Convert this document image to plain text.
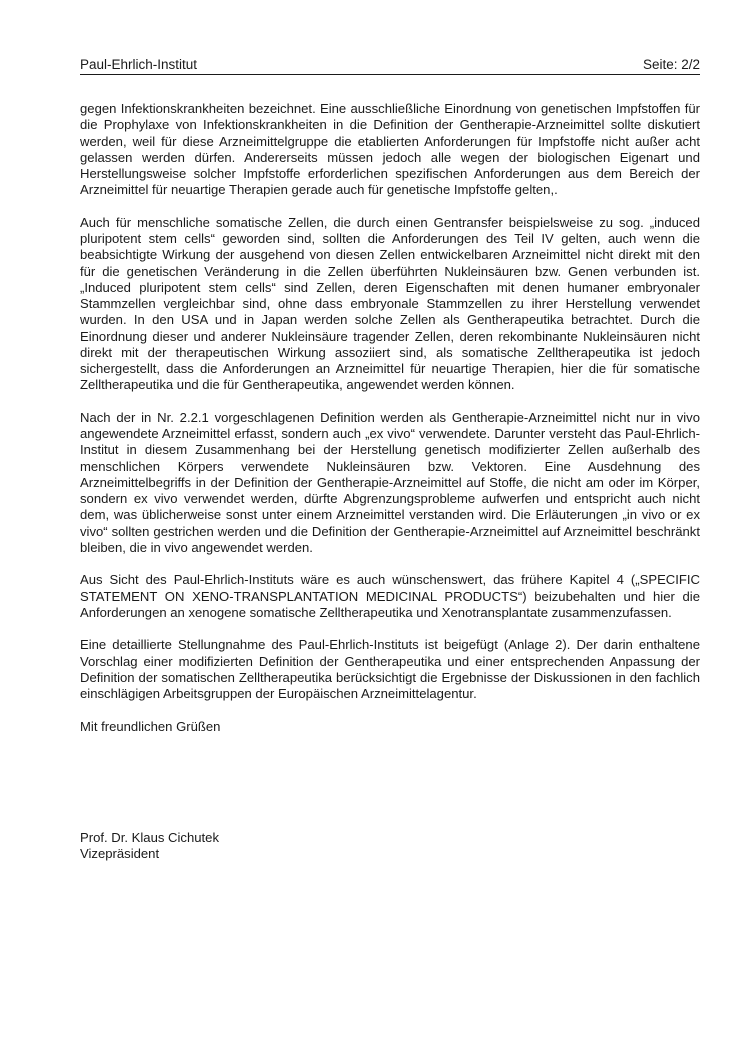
Paul-Ehrlich-Institut	Seite: 2/2

gegen Infektionskrankheiten bezeichnet. Eine ausschließliche Einordnung von genetischen Impfstoffen für die Prophylaxe von Infektionskrankheiten in die Definition der Gentherapie-Arzneimittel sollte diskutiert werden, weil für diese Arzneimittelgruppe die etablierten Anforderungen für Impfstoffe nicht außer acht gelassen werden dürfen. Andererseits müssen jedoch alle wegen der biologischen Eigenart und Herstellungsweise solcher Impfstoffe erforderlichen spezifischen Anforderungen aus dem Bereich der Arzneimittel für neuartige Therapien gerade auch für genetische Impfstoffe gelten,.

Auch für menschliche somatische Zellen, die durch einen Gentransfer beispielsweise zu sog. „induced pluripotent stem cells“ geworden sind, sollten die Anforderungen des Teil IV gelten, auch wenn die beabsichtigte Wirkung der ausgehend von diesen Zellen entwickelbaren Arzneimittel nicht direkt mit den für die genetischen Veränderung in die Zellen überführten Nukleinsäuren bzw. Genen verbunden ist. „Induced pluripotent stem cells“ sind Zellen, deren Eigenschaften mit denen humaner embryonaler Stammzellen vergleichbar sind, ohne dass embryonale Stammzellen zu ihrer Herstellung verwendet wurden. In den USA und in Japan werden solche Zellen als Gentherapeutika betrachtet. Durch die Einordnung dieser und anderer Nukleinsäure tragender Zellen, deren rekombinante Nukleinsäuren nicht direkt mit der therapeutischen Wirkung assoziiert sind, als somatische Zelltherapeutika ist jedoch sichergestellt, dass die Anforderungen an Arzneimittel für neuartige Therapien, hier die für somatische Zelltherapeutika und die für Gentherapeutika, angewendet werden können.

Nach der in Nr. 2.2.1 vorgeschlagenen Definition werden als Gentherapie-Arzneimittel nicht nur in vivo angewendete Arzneimittel erfasst, sondern auch „ex vivo“ verwendete. Darunter versteht das Paul-Ehrlich-Institut in diesem Zusammenhang bei der Herstellung genetisch modifizierter Zellen außerhalb des menschlichen Körpers verwendete Nukleinsäuren bzw. Vektoren. Eine Ausdehnung des Arzneimittelbegriffs in der Definition der Gentherapie-Arzneimittel auf Stoffe, die nicht am oder im Körper, sondern ex vivo verwendet werden, dürfte Abgrenzungsprobleme aufwerfen und entspricht auch nicht dem, was üblicherweise sonst unter einem Arzneimittel verstanden wird. Die Erläuterungen „in vivo or ex vivo“ sollten gestrichen werden und die Definition der Gentherapie-Arzneimittel auf Arzneimittel beschränkt bleiben, die in vivo angewendet werden.

Aus Sicht des Paul-Ehrlich-Instituts wäre es auch wünschenswert, das frühere Kapitel 4 („SPECIFIC STATEMENT ON XENO-TRANSPLANTATION MEDICINAL PRODUCTS“) beizubehalten und hier die Anforderungen an xenogene somatische Zelltherapeutika und Xenotransplantate zusammenzufassen.

Eine detaillierte Stellungnahme des Paul-Ehrlich-Instituts ist beigefügt (Anlage 2). Der darin enthaltene Vorschlag einer modifizierten Definition der Gentherapeutika und einer entsprechenden Anpassung der Definition der somatischen Zelltherapeutika berücksichtigt die Ergebnisse der Diskussionen in den fachlich einschlägigen Arbeitsgruppen der Europäischen Arzneimittelagentur.

Mit freundlichen Grüßen

Prof. Dr. Klaus Cichutek
Vizepräsident
